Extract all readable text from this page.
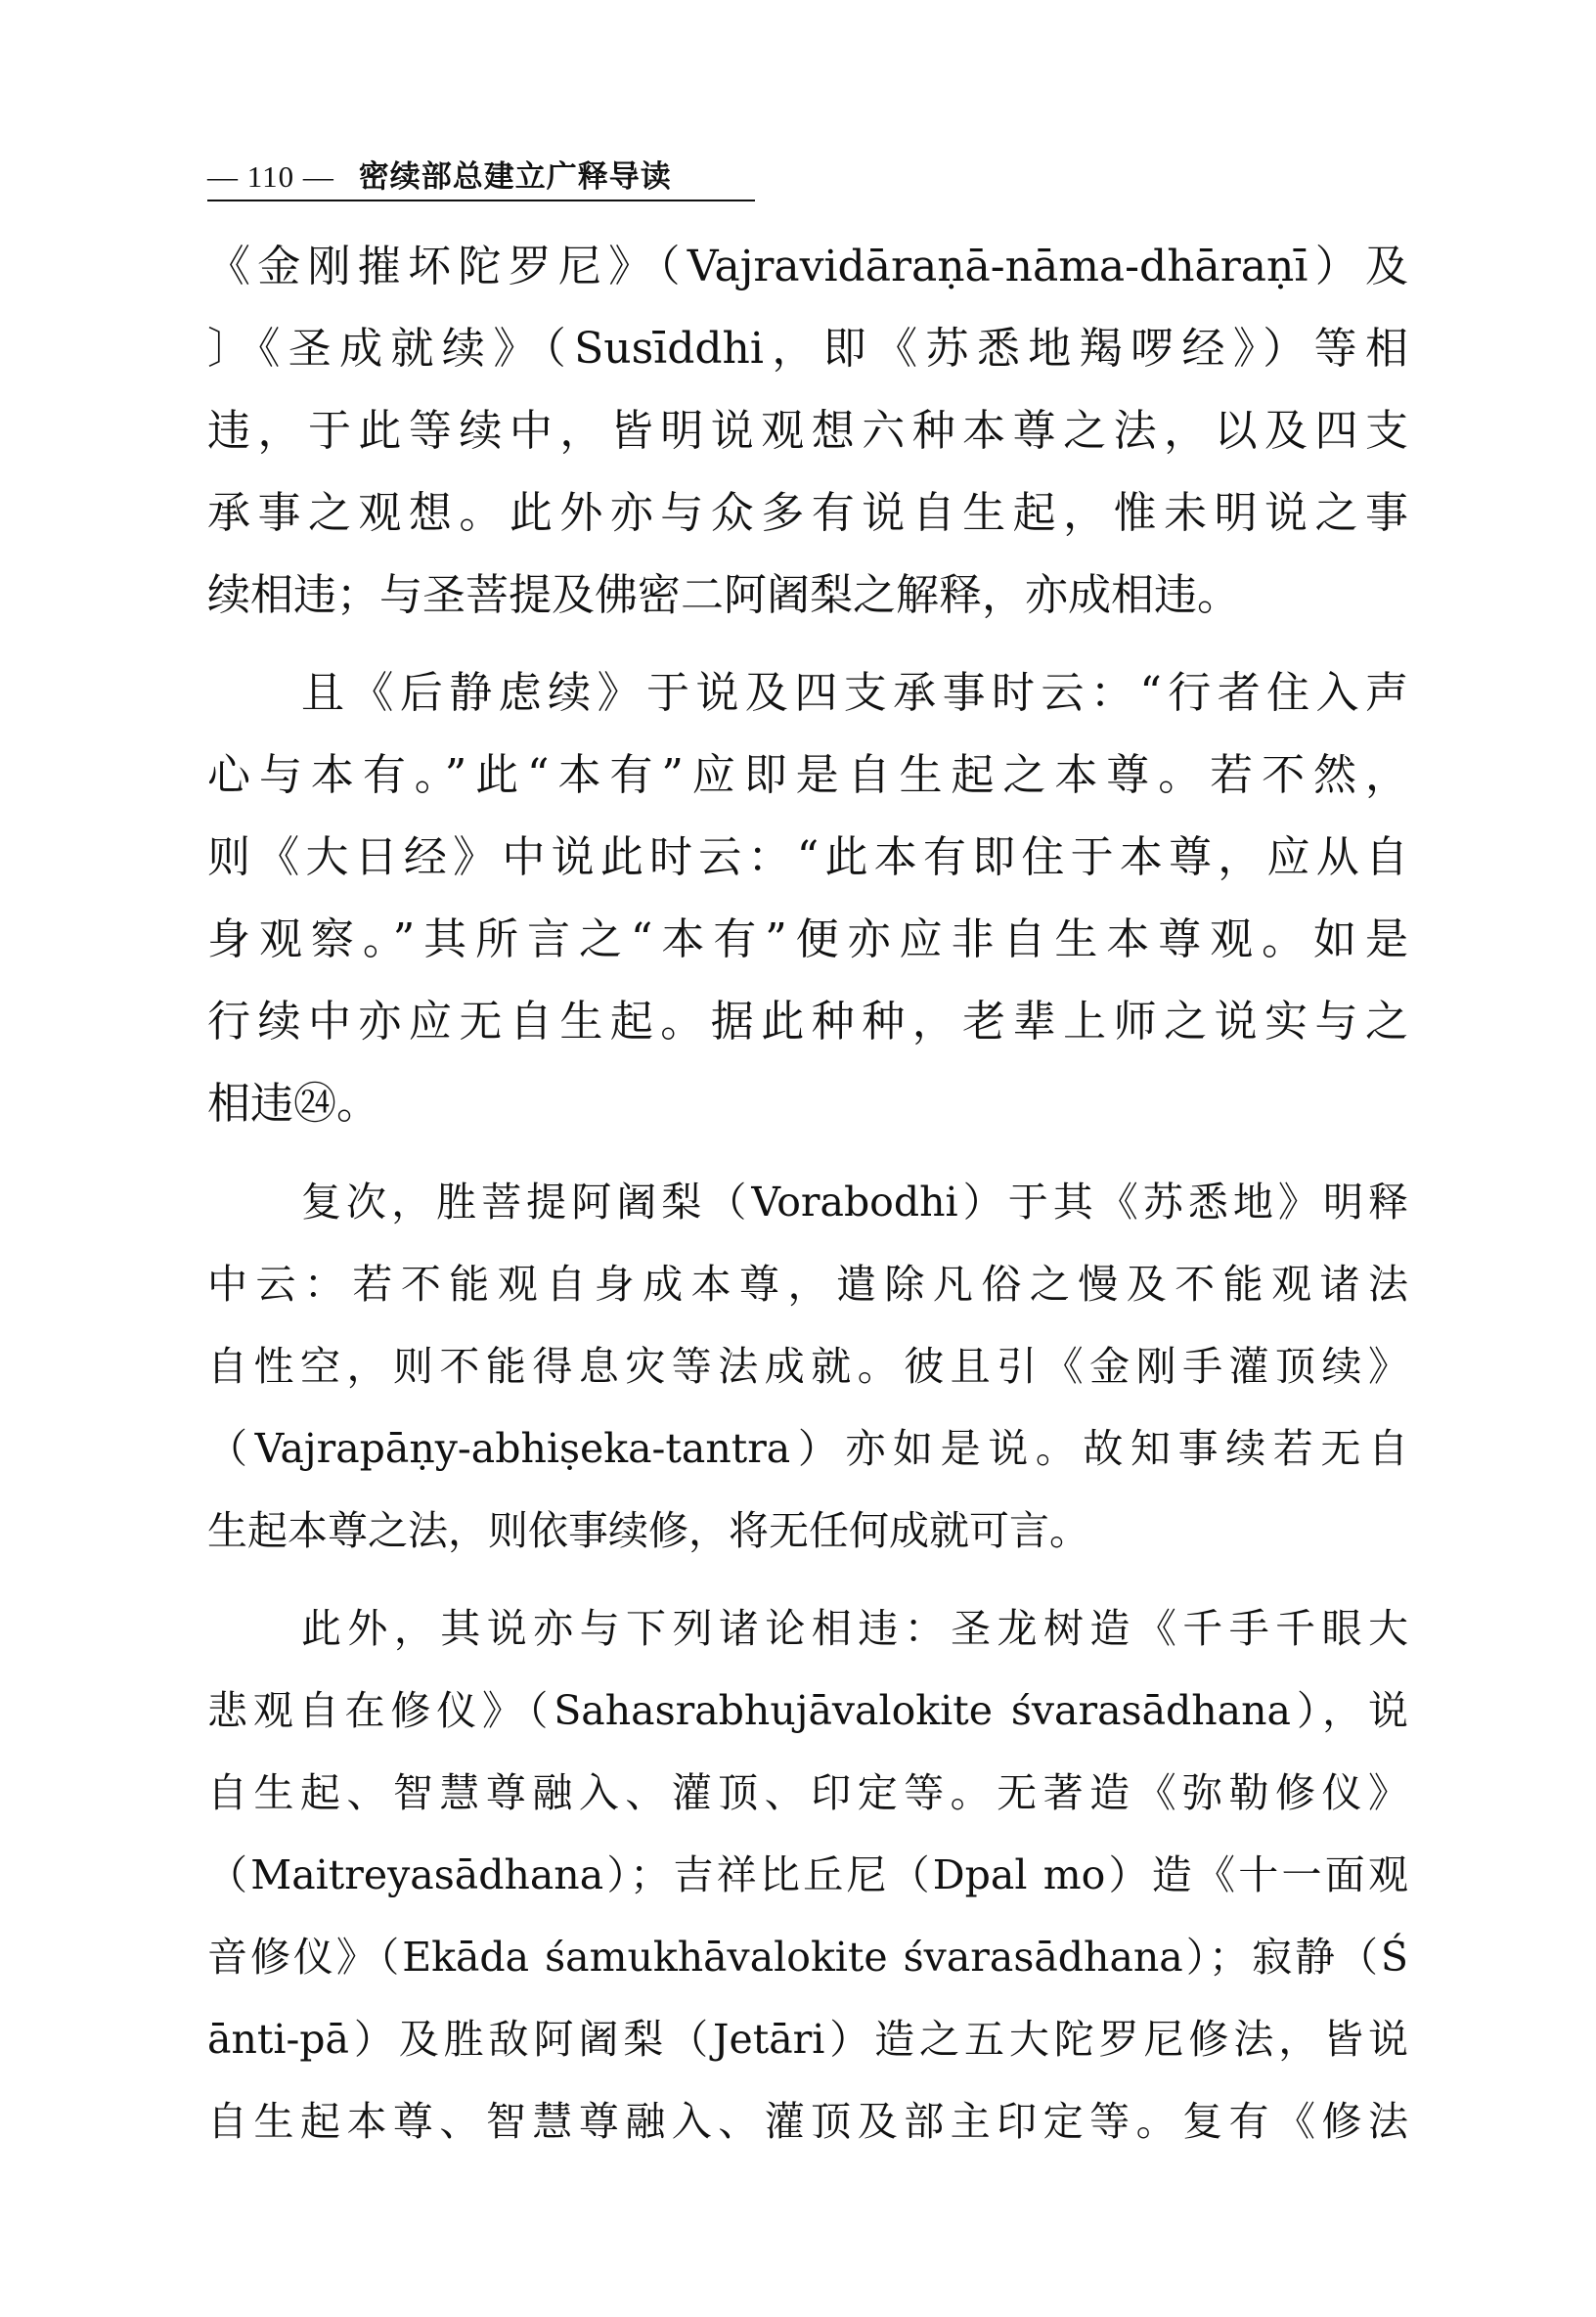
— 110 — 密续部总建立广释导读
《金刚摧坏陀罗尼》（Vajravidāraṇā-nāma-dhāraṇī）及
〕《圣成就续》（Susīddhi，即《苏悉地羯啰经》）等相
违，于此等续中，皆明说观想六种本尊之法，以及四支
承事之观想。此外亦与众多有说自生起，惟未明说之事
续相违；与圣菩提及佛密二阿阇梨之解释，亦成相违。
且《后静虑续》于说及四支承事时云：“行者住入声
心与本有。”此“本有”应即是自生起之本尊。若不然，
则《大日经》中说此时云：“此本有即住于本尊，应从自
身观察。”其所言之“本有”便亦应非自生本尊观。如是
行续中亦应无自生起。据此种种，老辈上师之说实与之
相违㉔。
复次，胜菩提阿阇梨（Vorabodhi）于其《苏悉地》明释
中云：若不能观自身成本尊，遣除凡俗之慢及不能观诸法
自性空，则不能得息灾等法成就。彼且引《金刚手灌顶续》
（Vajrapāṇy-abhiṣeka-tantra）亦如是说。故知事续若无自
生起本尊之法，则依事续修，将无任何成就可言。
此外，其说亦与下列诸论相违：圣龙树造《千手千眼大
悲观自在修仪》（Sahasrabhujāvalokite śvarasādhana），说
自生起、智慧尊融入、灌顶、印定等。无著造《弥勒修仪》
（Maitreyasādhana）；吉祥比丘尼（Dpal mo）造《十一面观
音修仪》（Ekāda śamukhāvalokite śvarasādhana）；寂静（Ś
ānti-pā）及胜敌阿阇梨（Jetāri）造之五大陀罗尼修法，皆说
自生起本尊、智慧尊融入、灌顶及部主印定等。复有《修法
